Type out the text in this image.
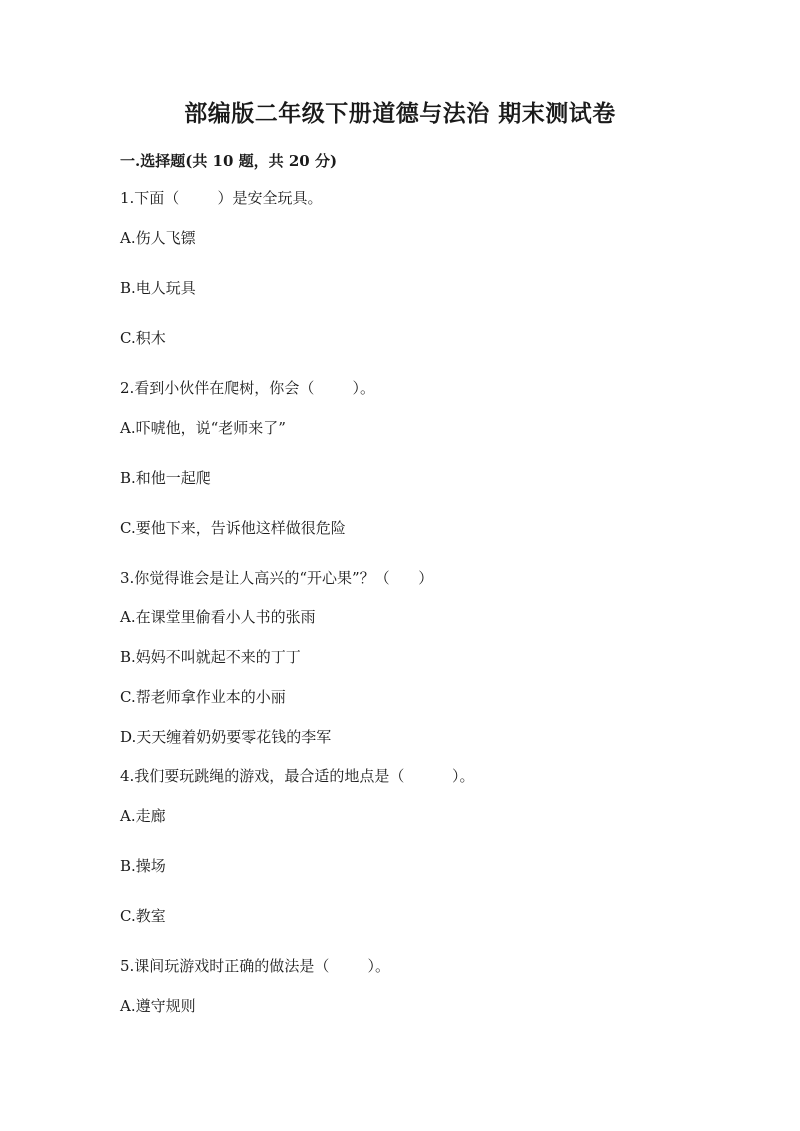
部编版二年级下册道德与法治 期末测试卷
一.选择题(共 10 题，共 20 分)
1.下面（        ）是安全玩具。
A.伤人飞镖
B.电人玩具
C.积木
2.看到小伙伴在爬树，你会（        ）。
A.吓唬他，说“老师来了”
B.和他一起爬
C.要他下来，告诉他这样做很危险
3.你觉得谁会是让人高兴的“开心果”？（      ）
A.在课堂里偷看小人书的张雨
B.妈妈不叫就起不来的丁丁
C.帮老师拿作业本的小丽
D.天天缠着奶奶要零花钱的李军
4.我们要玩跳绳的游戏，最合适的地点是（          ）。
A.走廊
B.操场
C.教室
5.课间玩游戏时正确的做法是（        ）。
A.遵守规则
